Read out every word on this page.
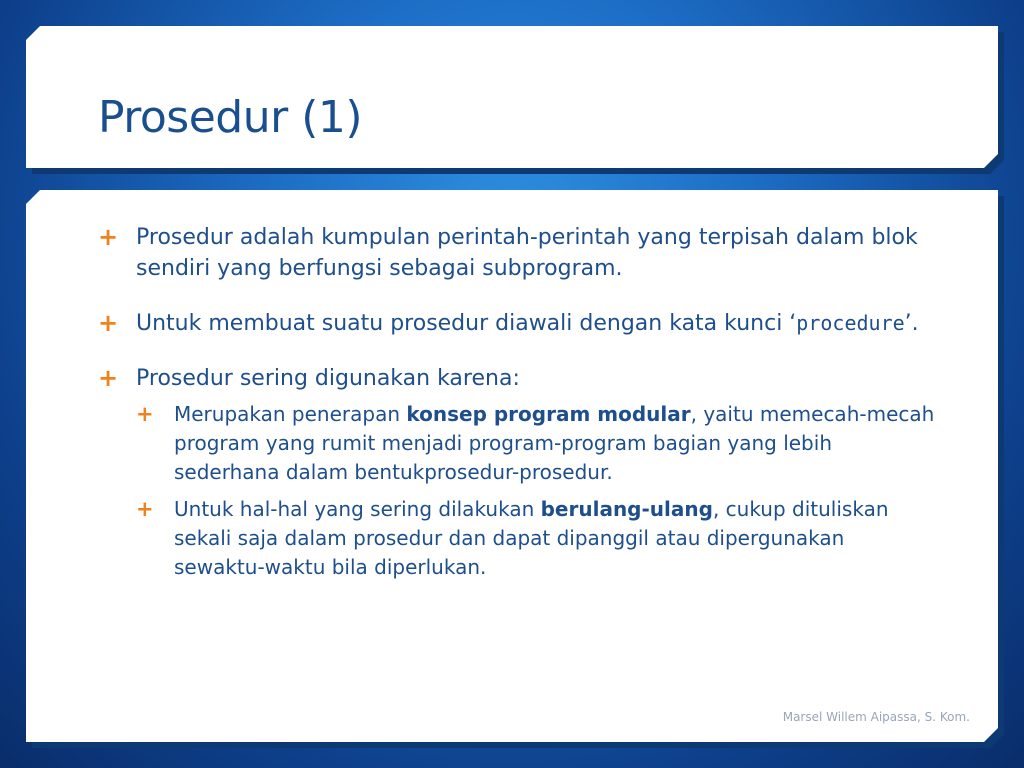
Prosedur (1)
+ Prosedur adalah kumpulan perintah-perintah yang terpisah dalam blok sendiri yang berfungsi sebagai subprogram.
+ Untuk membuat suatu prosedur diawali dengan kata kunci ‘procedure’.
+ Prosedur sering digunakan karena:
+ Merupakan penerapan konsep program modular, yaitu memecah-mecah program yang rumit menjadi program-program bagian yang lebih sederhana dalam bentukprosedur-prosedur.
+ Untuk hal-hal yang sering dilakukan berulang-ulang, cukup dituliskan sekali saja dalam prosedur dan dapat dipanggil atau dipergunakan sewaktu-waktu bila diperlukan.
Marsel Willem Aipassa, S. Kom.
